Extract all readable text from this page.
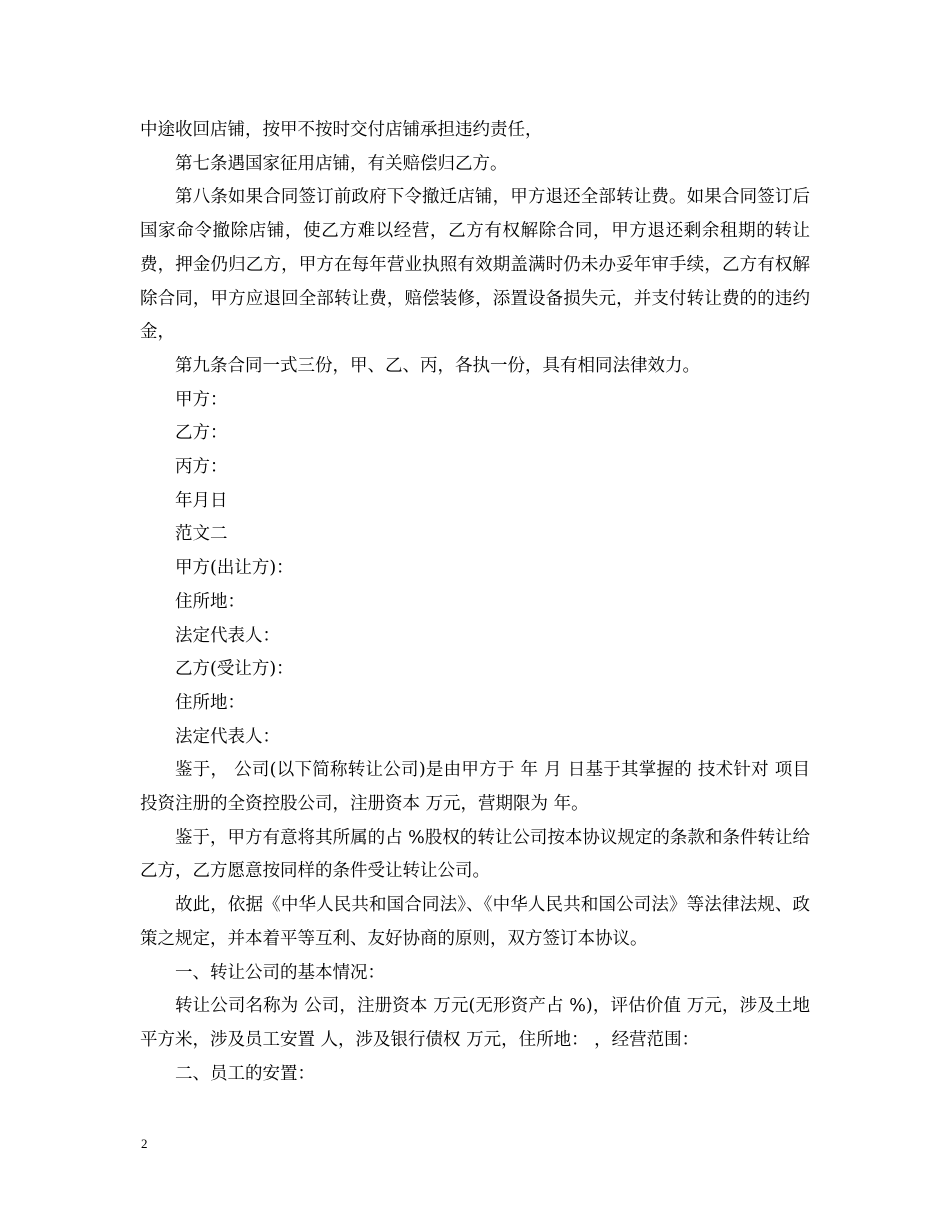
中途收回店铺，按甲不按时交付店铺承担违约责任，

第七条遇国家征用店铺，有关赔偿归乙方。

第八条如果合同签订前政府下令撤迁店铺，甲方退还全部转让费。如果合同签订后国家命令撤除店铺，使乙方难以经营，乙方有权解除合同，甲方退还剩余租期的转让费，押金仍归乙方，甲方在每年营业执照有效期盖满时仍未办妥年审手续，乙方有权解除合同，甲方应退回全部转让费，赔偿装修，添置设备损失元，并支付转让费的的违约金，

第九条合同一式三份，甲、乙、丙，各执一份，具有相同法律效力。

甲方：

乙方：

丙方：

年月日

范文二

甲方(出让方)：

住所地：

法定代表人：

乙方(受让方)：

住所地：

法定代表人：

鉴于， 公司(以下简称转让公司)是由甲方于 年 月 日基于其掌握的 技术针对 项目投资注册的全资控股公司，注册资本 万元，营期限为 年。

鉴于，甲方有意将其所属的占 %股权的转让公司按本协议规定的条款和条件转让给乙方，乙方愿意按同样的条件受让转让公司。

故此，依据《中华人民共和国合同法》、《中华人民共和国公司法》等法律法规、政策之规定，并本着平等互利、友好协商的原则，双方签订本协议。

一、转让公司的基本情况：

转让公司名称为 公司，注册资本 万元(无形资产占 %)，评估价值 万元，涉及土地 平方米，涉及员工安置 人，涉及银行债权 万元，住所地： ，经营范围：

二、员工的安置：

2
